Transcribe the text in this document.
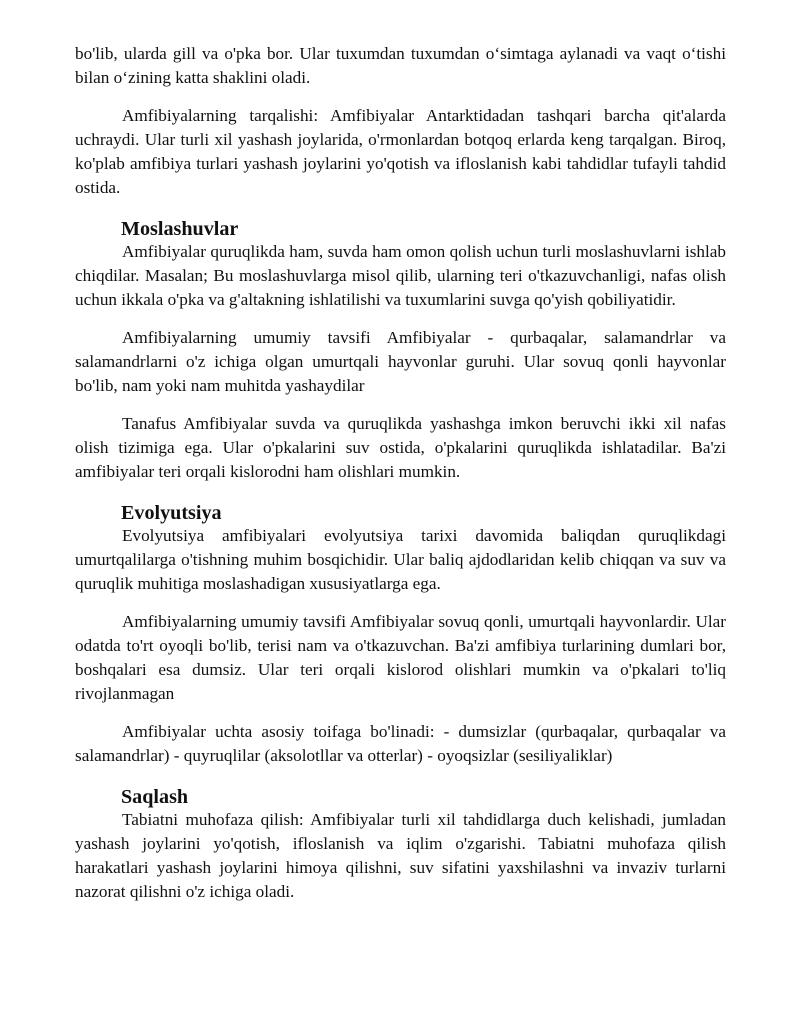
bo'lib, ularda gill va o'pka bor. Ular tuxumdan tuxumdan o‘simtaga aylanadi va vaqt o‘tishi bilan o‘zining katta shaklini oladi.

Amfibiyalarning tarqalishi: Amfibiyalar Antarktidadan tashqari barcha qit'alarda uchraydi. Ular turli xil yashash joylarida, o'rmonlardan botqoq erlarda keng tarqalgan. Biroq, ko'plab amfibiya turlari yashash joylarini yo'qotish va ifloslanish kabi tahdidlar tufayli tahdid ostida.

Moslashuvlar

Amfibiyalar quruqlikda ham, suvda ham omon qolish uchun turli moslashuvlarni ishlab chiqdilar. Masalan; Bu moslashuvlarga misol qilib, ularning teri o'tkazuvchanligi, nafas olish uchun ikkala o'pka va g'altakning ishlatilishi va tuxumlarini suvga qo'yish qobiliyatidir.

Amfibiyalarning umumiy tavsifi Amfibiyalar - qurbaqalar, salamandrlar va salamandrlarni o'z ichiga olgan umurtqali hayvonlar guruhi. Ular sovuq qonli hayvonlar bo'lib, nam yoki nam muhitda yashaydilar

Tanafus Amfibiyalar suvda va quruqlikda yashashga imkon beruvchi ikki xil nafas olish tizimiga ega. Ular o'pkalarini suv ostida, o'pkalarini quruqlikda ishlatadilar. Ba'zi amfibiyalar teri orqali kislorodni ham olishlari mumkin.

Evolyutsiya

Evolyutsiya amfibiyalari evolyutsiya tarixi davomida baliqdan quruqlikdagi umurtqalilarga o'tishning muhim bosqichidir. Ular baliq ajdodlaridan kelib chiqqan va suv va quruqlik muhitiga moslashadigan xususiyatlarga ega.

Amfibiyalarning umumiy tavsifi Amfibiyalar sovuq qonli, umurtqali hayvonlardir. Ular odatda to'rt oyoqli bo'lib, terisi nam va o'tkazuvchan. Ba'zi amfibiya turlarining dumlari bor, boshqalari esa dumsiz. Ular teri orqali kislorod olishlari mumkin va o'pkalari to'liq rivojlanmagan

Amfibiyalar uchta asosiy toifaga bo'linadi: - dumsizlar (qurbaqalar, qurbaqalar va salamandrlar) - quyruqlilar (aksolotllar va otterlar) - oyoqsizlar (sesiliyaliklar)

Saqlash

Tabiatni muhofaza qilish: Amfibiyalar turli xil tahdidlarga duch kelishadi, jumladan yashash joylarini yo'qotish, ifloslanish va iqlim o'zgarishi. Tabiatni muhofaza qilish harakatlari yashash joylarini himoya qilishni, suv sifatini yaxshilashni va invaziv turlarni nazorat qilishni o'z ichiga oladi.
